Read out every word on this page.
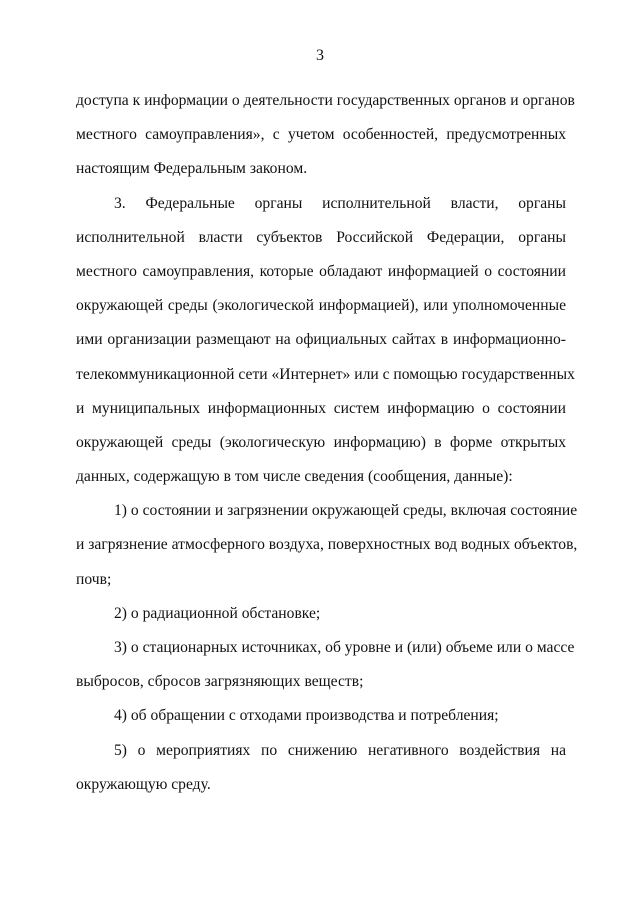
3
доступа к информации о деятельности государственных органов и органов
местного самоуправления», с учетом особенностей, предусмотренных
настоящим Федеральным законом.
3. Федеральные органы исполнительной власти, органы
исполнительной власти субъектов Российской Федерации, органы
местного самоуправления, которые обладают информацией о состоянии
окружающей среды (экологической информацией), или уполномоченные
ими организации размещают на официальных сайтах в информационно-
телекоммуникационной сети «Интернет» или с помощью государственных
и муниципальных информационных систем информацию о состоянии
окружающей среды (экологическую информацию) в форме открытых
данных, содержащую в том числе сведения (сообщения, данные):
1) о состоянии и загрязнении окружающей среды, включая состояние
и загрязнение атмосферного воздуха, поверхностных вод водных объектов,
почв;
2) о радиационной обстановке;
3) о стационарных источниках, об уровне и (или) объеме или о массе
выбросов, сбросов загрязняющих веществ;
4) об обращении с отходами производства и потребления;
5) о мероприятиях по снижению негативного воздействия на
окружающую среду.
